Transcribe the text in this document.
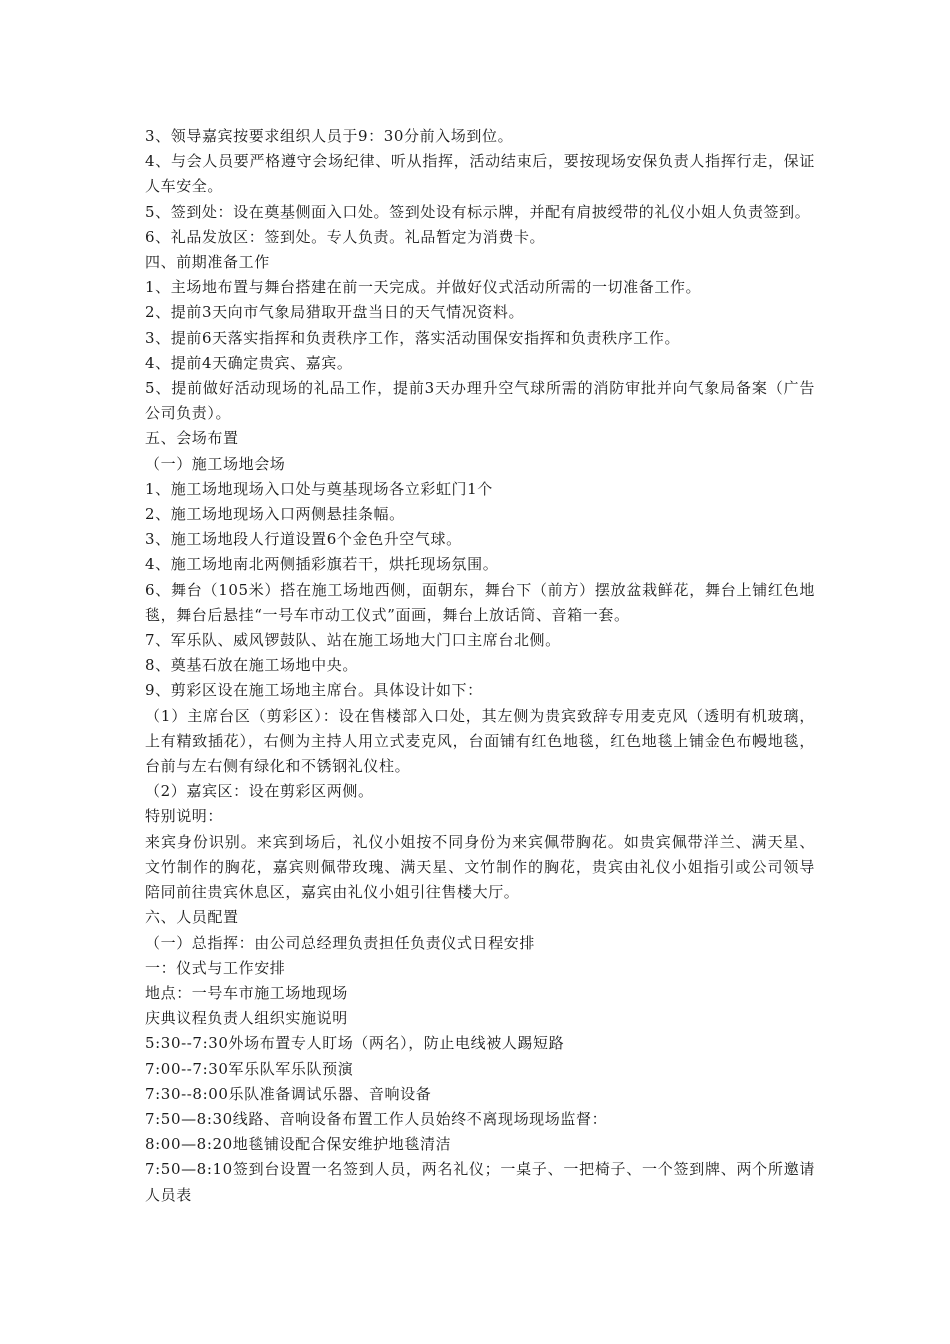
3、领导嘉宾按要求组织人员于9：30分前入场到位。

4、与会人员要严格遵守会场纪律、听从指挥，活动结束后，要按现场安保负责人指挥行走，保证人车安全。

5、签到处：设在奠基侧面入口处。签到处设有标示牌，并配有肩披绶带的礼仪小姐人负责签到。

6、礼品发放区：签到处。专人负责。礼品暂定为消费卡。

四、前期准备工作

1、主场地布置与舞台搭建在前一天完成。并做好仪式活动所需的一切准备工作。

2、提前3天向市气象局猎取开盘当日的天气情况资料。

3、提前6天落实指挥和负责秩序工作，落实活动围保安指挥和负责秩序工作。

4、提前4天确定贵宾、嘉宾。

5、提前做好活动现场的礼品工作，提前3天办理升空气球所需的消防审批并向气象局备案（广告公司负责）。

五、会场布置

（一）施工场地会场

1、施工场地现场入口处与奠基现场各立彩虹门1个

2、施工场地现场入口两侧悬挂条幅。

3、施工场地段人行道设置6个金色升空气球。

4、施工场地南北两侧插彩旗若干，烘托现场氛围。

6、舞台（105米）搭在施工场地西侧，面朝东，舞台下（前方）摆放盆栽鲜花，舞台上铺红色地毯，舞台后悬挂“一号车市动工仪式”面画，舞台上放话筒、音箱一套。

7、军乐队、威风锣鼓队、站在施工场地大门口主席台北侧。

8、奠基石放在施工场地中央。

9、剪彩区设在施工场地主席台。具体设计如下：

（1）主席台区（剪彩区）：设在售楼部入口处，其左侧为贵宾致辞专用麦克风（透明有机玻璃，上有精致插花），右侧为主持人用立式麦克风，台面铺有红色地毯，红色地毯上铺金色布幔地毯，台前与左右侧有绿化和不锈钢礼仪柱。

（2）嘉宾区：设在剪彩区两侧。

特别说明：

来宾身份识别。来宾到场后，礼仪小姐按不同身份为来宾佩带胸花。如贵宾佩带洋兰、满天星、文竹制作的胸花，嘉宾则佩带玫瑰、满天星、文竹制作的胸花，贵宾由礼仪小姐指引或公司领导陪同前往贵宾休息区，嘉宾由礼仪小姐引往售楼大厅。

六、人员配置

（一）总指挥：由公司总经理负责担任负责仪式日程安排

一：仪式与工作安排

地点：一号车市施工场地现场

庆典议程负责人组织实施说明

5:30--7:30外场布置专人盯场（两名），防止电线被人踢短路

7:00--7:30军乐队军乐队预演

7:30--8:00乐队准备调试乐器、音响设备

7:50—8:30线路、音响设备布置工作人员始终不离现场现场监督：

8:00—8:20地毯铺设配合保安维护地毯清洁

7:50—8:10签到台设置一名签到人员，两名礼仪；一桌子、一把椅子、一个签到牌、两个所邀请人员表
